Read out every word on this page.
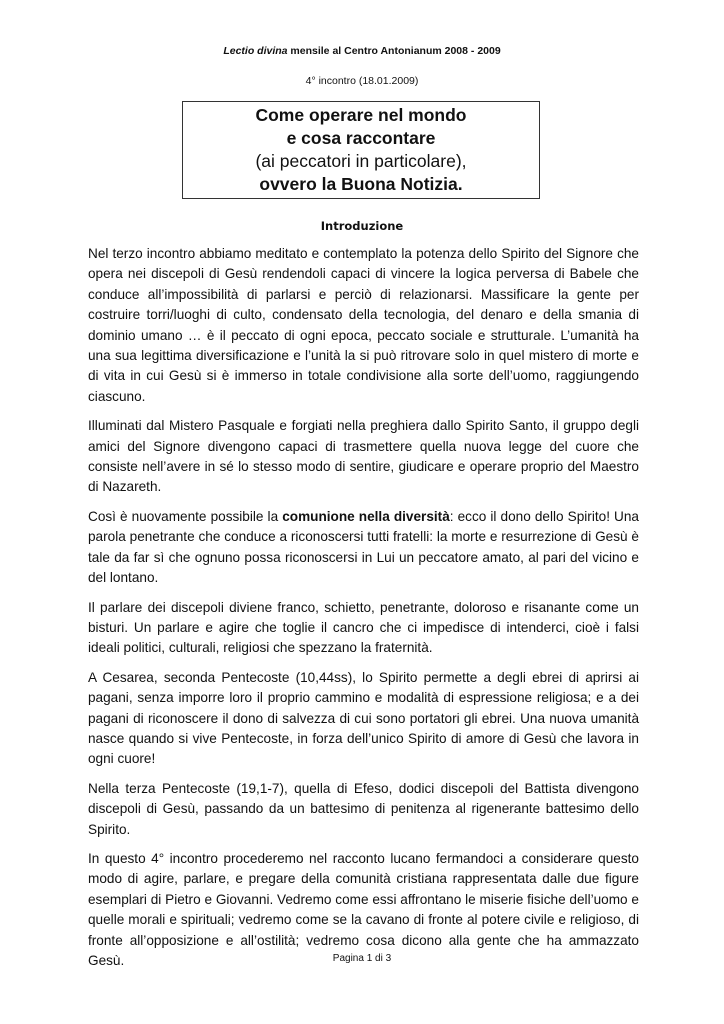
Lectio divina mensile al Centro Antonianum 2008 - 2009
4° incontro (18.01.2009)
Come operare nel mondo
e cosa raccontare
(ai peccatori in particolare),
ovvero la Buona Notizia.
Introduzione

Nel terzo incontro abbiamo meditato e contemplato la potenza dello Spirito del Signore che opera nei discepoli di Gesù rendendoli capaci di vincere la logica perversa di Babele che conduce all’impossibilità di parlarsi e perciò di relazionarsi. Massificare la gente per costruire torri/luoghi di culto, condensato della tecnologia, del denaro e della smania di dominio umano … è il peccato di ogni epoca, peccato sociale e strutturale. L’umanità ha una sua legittima diversificazione e l’unità la si può ritrovare solo in quel mistero di morte e di vita in cui Gesù si è immerso in totale condivisione alla sorte dell’uomo, raggiungendo ciascuno.

Illuminati dal Mistero Pasquale e forgiati nella preghiera dallo Spirito Santo, il gruppo degli amici del Signore divengono capaci di trasmettere quella nuova legge del cuore che consiste nell’avere in sé lo stesso modo di sentire, giudicare e operare proprio del Maestro di Nazareth.

Così è nuovamente possibile la comunione nella diversità: ecco il dono dello Spirito! Una parola penetrante che conduce a riconoscersi tutti fratelli: la morte e resurrezione di Gesù è tale da far sì che ognuno possa riconoscersi in Lui un peccatore amato, al pari del vicino e del lontano.

Il parlare dei discepoli diviene franco, schietto, penetrante, doloroso e risanante come un bisturi. Un parlare e agire che toglie il cancro che ci impedisce di intenderci, cioè i falsi ideali politici, culturali, religiosi che spezzano la fraternità.

A Cesarea, seconda Pentecoste (10,44ss), lo Spirito permette a degli ebrei di aprirsi ai pagani, senza imporre loro il proprio cammino e modalità di espressione religiosa; e a dei pagani di riconoscere il dono di salvezza di cui sono portatori gli ebrei. Una nuova umanità nasce quando si vive Pentecoste, in forza dell’unico Spirito di amore di Gesù che lavora in ogni cuore!

Nella terza Pentecoste (19,1-7), quella di Efeso, dodici discepoli del Battista divengono discepoli di Gesù, passando da un battesimo di penitenza al rigenerante battesimo dello Spirito.

In questo 4° incontro procederemo nel racconto lucano fermandoci a considerare questo modo di agire, parlare, e pregare della comunità cristiana rappresentata dalle due figure esemplari di Pietro e Giovanni. Vedremo come essi affrontano le miserie fisiche dell’uomo e quelle morali e spirituali; vedremo come se la cavano di fronte al potere civile e religioso, di fronte all’opposizione e all’ostilità; vedremo cosa dicono alla gente che ha ammazzato Gesù.	Pagina 1 di 3
